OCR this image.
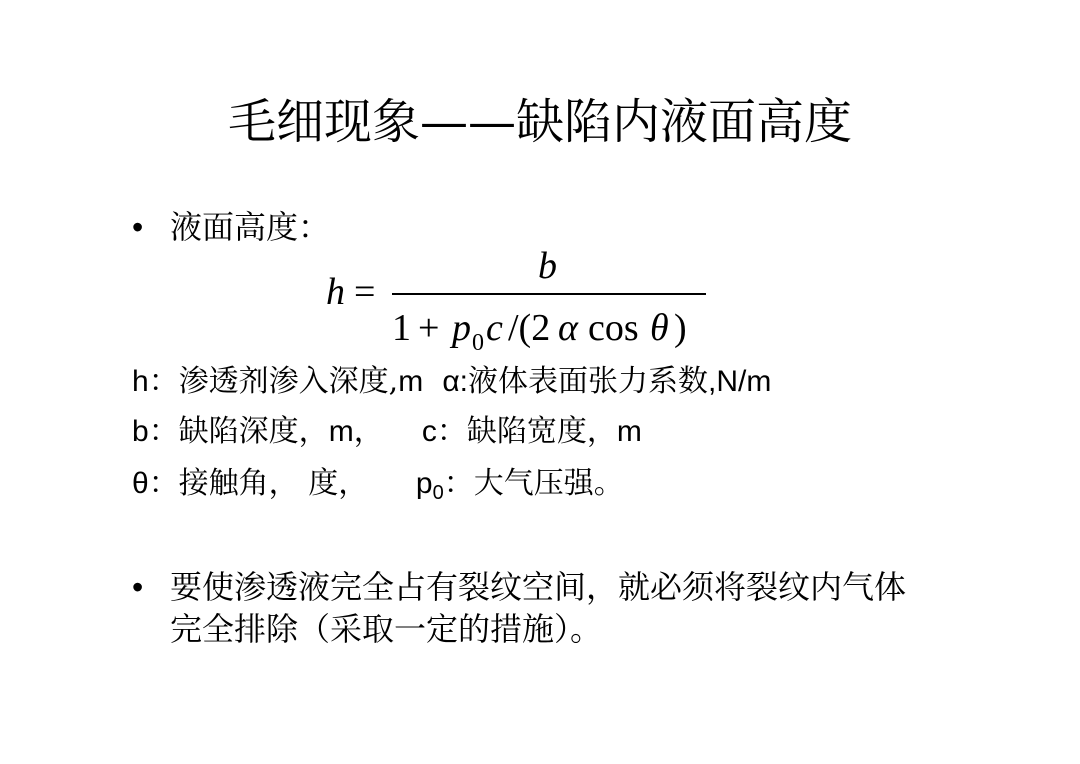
毛细现象——缺陷内液面高度
• 液面高度：
h =
b
1 + p 0 c /(2 α cos θ )
h：渗透剂渗入深度,m α:液体表面张力系数,N/m
b：缺陷深度，m， c：缺陷宽度，m
θ：接触角， 度， $p_0$：大气压强。
• 要使渗透液完全占有裂纹空间，就必须将裂纹内气体完全排除（采取一定的措施）。
